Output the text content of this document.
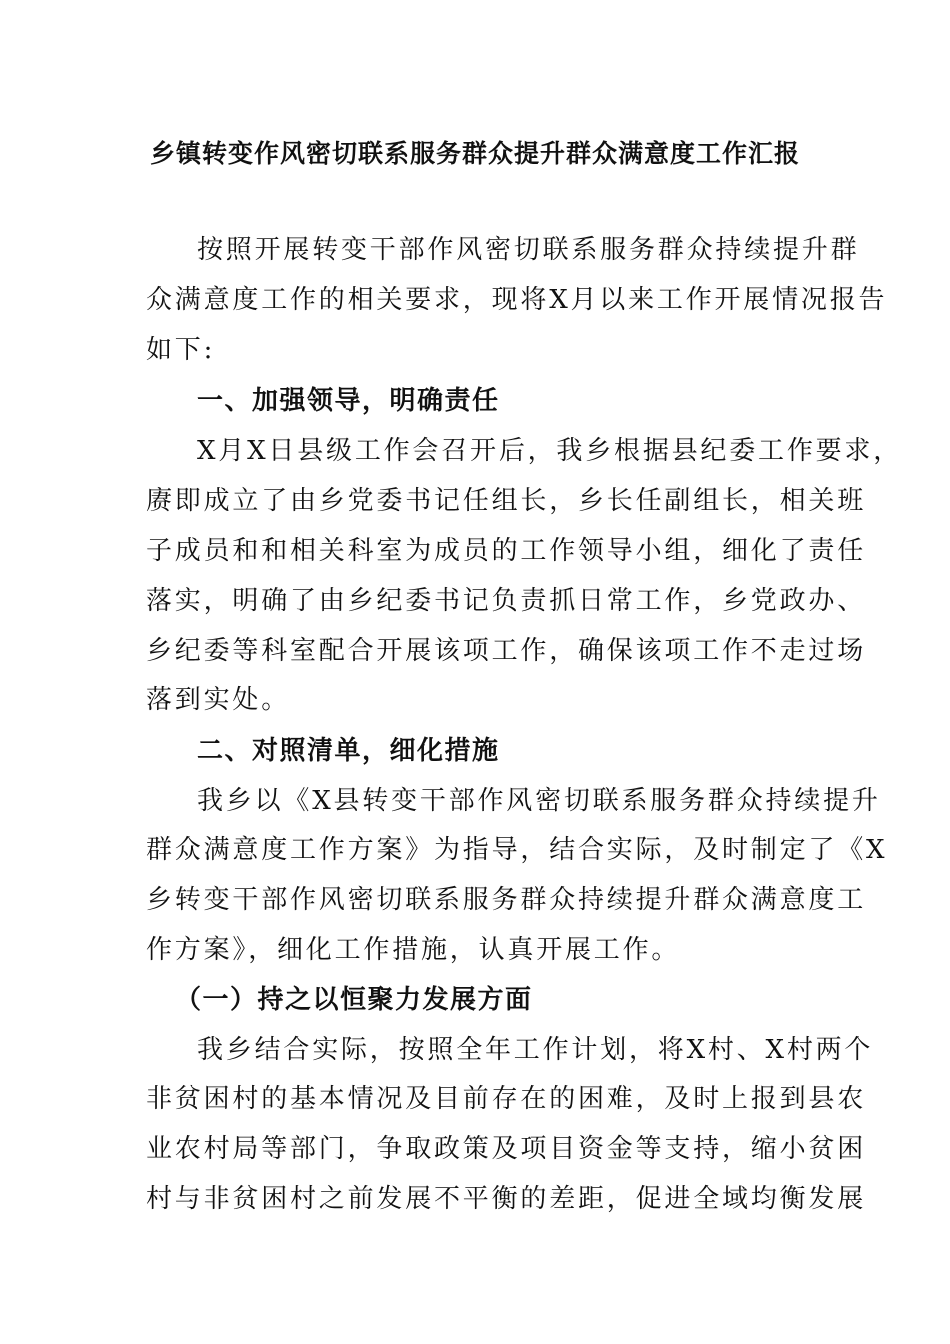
乡镇转变作风密切联系服务群众提升群众满意度工作汇报
按照开展转变干部作风密切联系服务群众持续提升群
众满意度工作的相关要求，现将X月以来工作开展情况报告
如下:
一、加强领导，明确责任
X月X日县级工作会召开后，我乡根据县纪委工作要求，
赓即成立了由乡党委书记任组长，乡长任副组长，相关班
子成员和和相关科室为成员的工作领导小组，细化了责任
落实，明确了由乡纪委书记负责抓日常工作，乡党政办、
乡纪委等科室配合开展该项工作，确保该项工作不走过场
落到实处。
二、对照清单，细化措施
我乡以《X县转变干部作风密切联系服务群众持续提升
群众满意度工作方案》为指导，结合实际，及时制定了《X
乡转变干部作风密切联系服务群众持续提升群众满意度工
作方案》，细化工作措施，认真开展工作。
（一）持之以恒聚力发展方面
我乡结合实际，按照全年工作计划，将X村、X村两个
非贫困村的基本情况及目前存在的困难，及时上报到县农
业农村局等部门，争取政策及项目资金等支持，缩小贫困
村与非贫困村之前发展不平衡的差距，促进全域均衡发展
